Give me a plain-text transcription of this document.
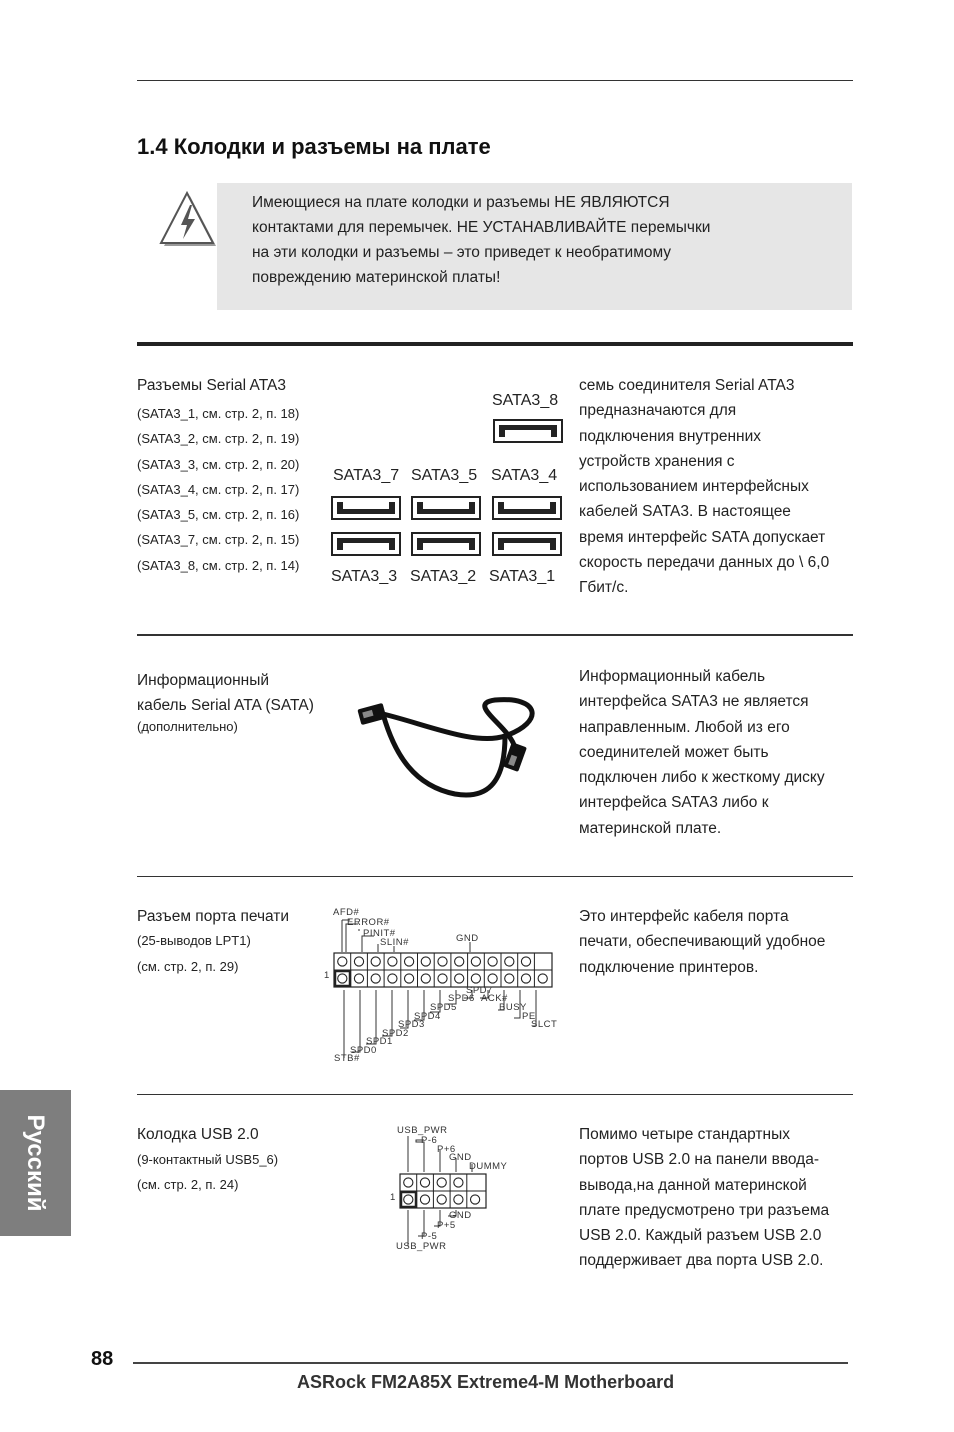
1.4 Колодки и разъемы на плате
Имеющиеся на плате колодки и разъемы НЕ ЯВЛЯЮТСЯ
контактами для перемычек. НЕ УСТАНАВЛИВАЙТЕ перемычки
на эти колодки и разъемы – это приведет к необратимому
повреждению материнской платы!
Разъемы Serial ATA3
(SATA3_1, см. стр. 2, п. 18)
(SATA3_2, см. стр. 2, п. 19)
(SATA3_3, см. стр. 2, п. 20)
(SATA3_4, см. стр. 2, п. 17)
(SATA3_5, см. стр. 2, п. 16)
(SATA3_7, см. стр. 2, п. 15)
(SATA3_8, см. стр. 2, п. 14)
SATA3_8
SATA3_7 SATA3_5 SATA3_4
SATA3_3 SATA3_2 SATA3_1
семь соединителя Serial ATA3
предназначаются для
подключения внутренних
устройств хранения с
использованием интерфейсных
кабелей SATA3. В настоящее
время интерфейс SATA допускает
скорость передачи данных до \ 6,0
Гбит/с.
Информационный
кабель Serial ATA (SATA)
(дополнительно)
Информационный кабель
интерфейса SATA3 не является
направленным. Любой из его
соединителей может быть
подключен либо к жесткому диску
интерфейса SATA3 либо к
материнской плате.
Разъем порта печати
(25-выводов LPT1)
(см. стр. 2, п. 29)
1
AFD#
ERROR#
PINIT#
SLIN#	GND
SPD7
SPD6 ACK#
SPD5	BUSY
SPD4	PE
SPD3	SLCT
SPD2
SPD1
SPD0
STB#
Это интерфейс кабеля порта
печати, обеспечивающий удобное
подключение принтеров.
Колодка USB 2.0
(9-контактный USB5_6)
(см. стр. 2, п. 24)
1
USB_PWR
P-6
P+6
GND
DUMMY
GND
P+5
P-5
USB_PWR
Помимо четыре стандартных
портов USB 2.0 на панели ввода-
вывода,на данной материнской
плате предусмотрено три разъема
USB 2.0. Каждый разъем USB 2.0
поддерживает два порта USB 2.0.
Русский
88
ASRock FM2A85X Extreme4-M Motherboard
